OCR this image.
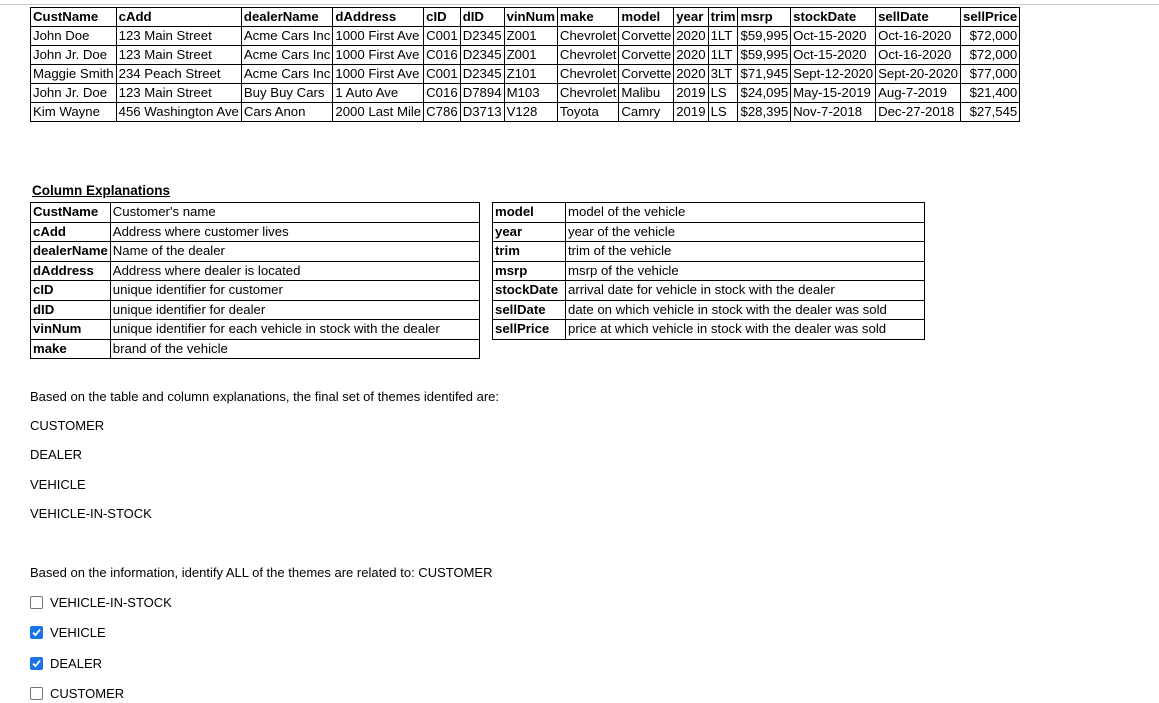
CustName	cAdd	dealerName	dAddress	cID	dID	vinNum	make	model	year	trim	msrp	stockDate	sellDate	sellPrice
John Doe	123 Main Street	Acme Cars Inc	1000 First Ave	C001	D2345	Z001	Chevrolet	Corvette	2020	1LT	$59,995	Oct-15-2020	Oct-16-2020	$72,000
John Jr. Doe	123 Main Street	Acme Cars Inc	1000 First Ave	C016	D2345	Z001	Chevrolet	Corvette	2020	1LT	$59,995	Oct-15-2020	Oct-16-2020	$72,000
Maggie Smith	234 Peach Street	Acme Cars Inc	1000 First Ave	C001	D2345	Z101	Chevrolet	Corvette	2020	3LT	$71,945	Sept-12-2020	Sept-20-2020	$77,000
John Jr. Doe	123 Main Street	Buy Buy Cars	1 Auto Ave	C016	D7894	M103	Chevrolet	Malibu	2019	LS	$24,095	May-15-2019	Aug-7-2019	$21,400
Kim Wayne	456 Washington Ave	Cars Anon	2000 Last Mile	C786	D3713	V128	Toyota	Camry	2019	LS	$28,395	Nov-7-2018	Dec-27-2018	$27,545
Column Explanations
CustName	Customer's name
cAdd	Address where customer lives
dealerName	Name of the dealer
dAddress	Address where dealer is located
cID	unique identifier for customer
dID	unique identifier for dealer
vinNum	unique identifier for each vehicle in stock with the dealer
make	brand of the vehicle
model	model of the vehicle
year	year of the vehicle
trim	trim of the vehicle
msrp	msrp of the vehicle
stockDate	arrival date for vehicle in stock with the dealer
sellDate	date on which vehicle in stock with the dealer was sold
sellPrice	price at which vehicle in stock with the dealer was sold
Based on the table and column explanations, the final set of themes identifed are:
CUSTOMER
DEALER
VEHICLE
VEHICLE-IN-STOCK
Based on the information, identify ALL of the themes are related to: CUSTOMER
VEHICLE-IN-STOCK
VEHICLE
DEALER
CUSTOMER
